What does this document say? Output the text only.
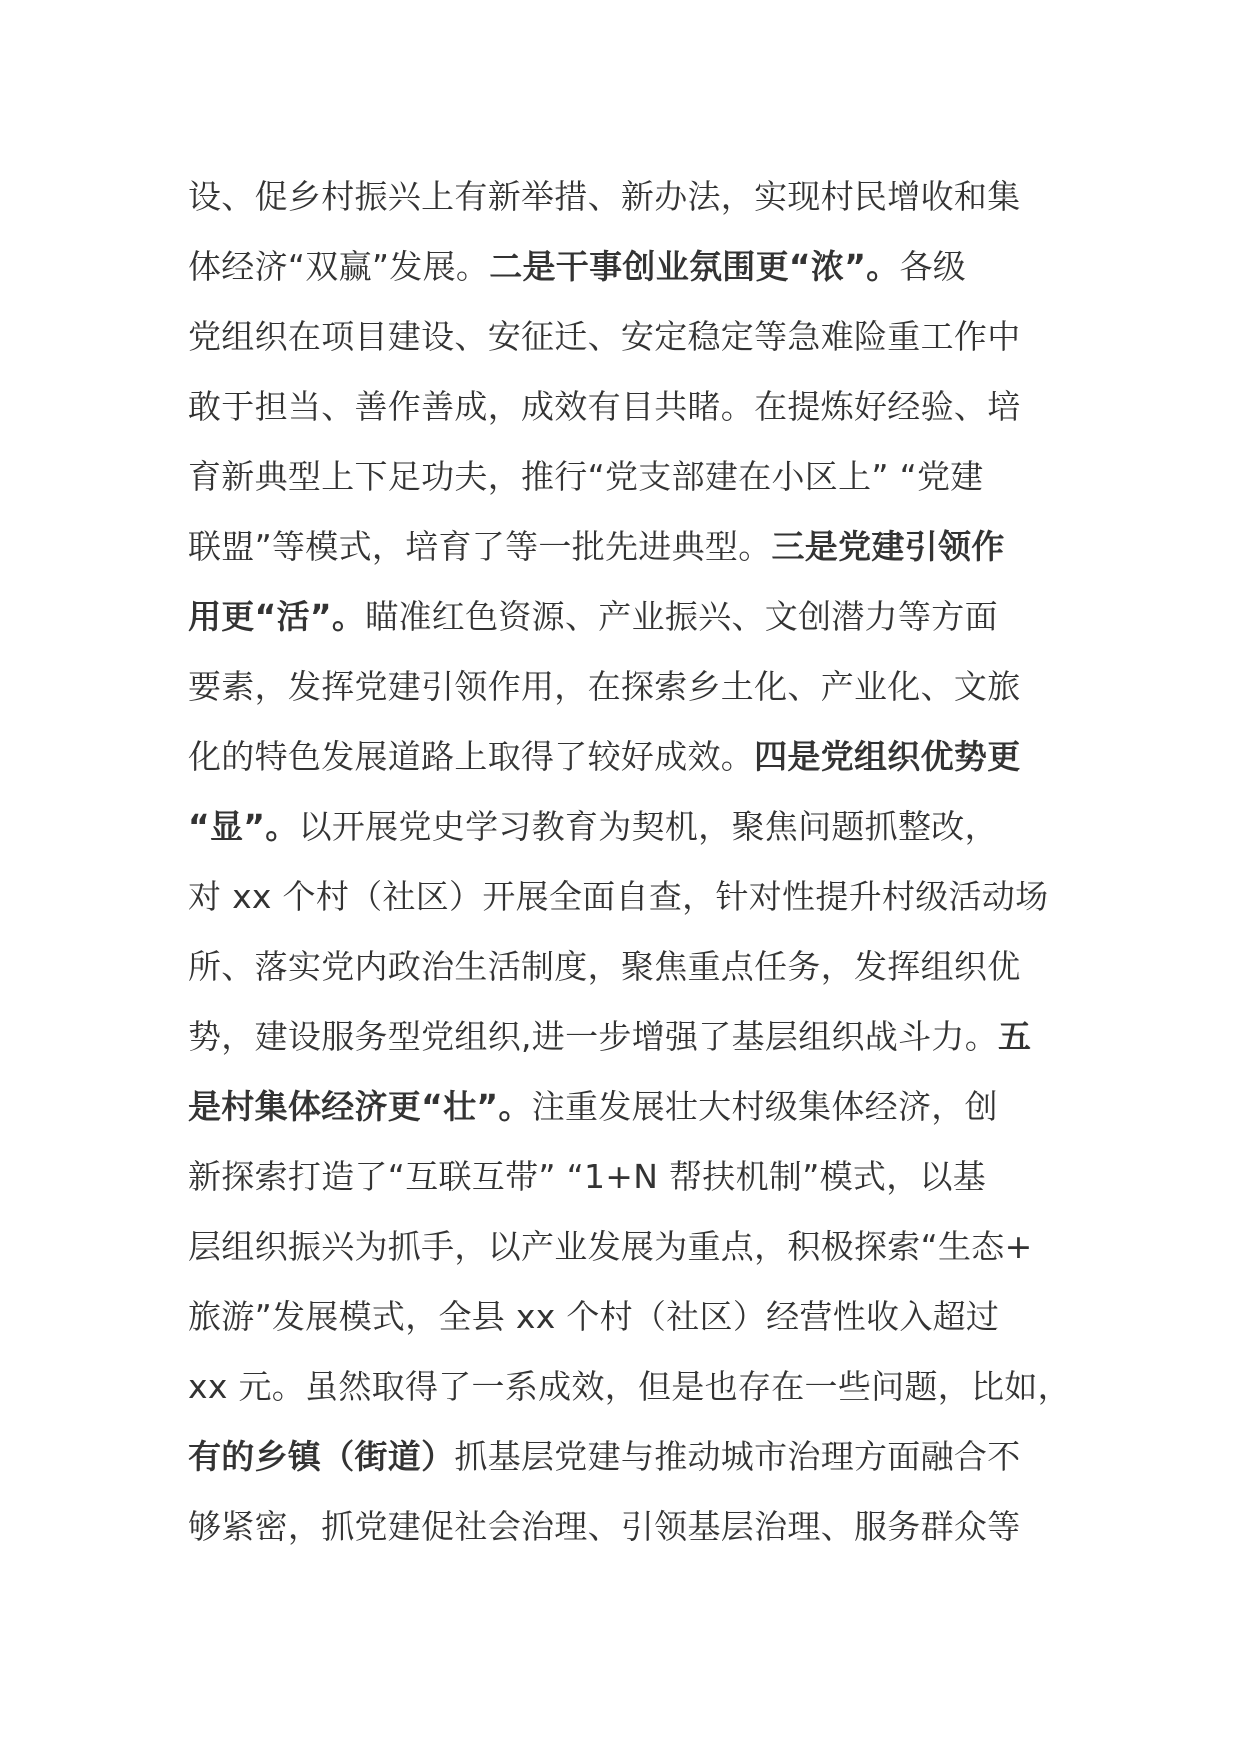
设、促乡村振兴上有新举措、新办法，实现村民增收和集
体经济“双赢”发展。二是干事创业氛围更“浓”。各级
党组织在项目建设、安征迁、安定稳定等急难险重工作中
敢于担当、善作善成，成效有目共睹。在提炼好经验、培
育新典型上下足功夫，推行“党支部建在小区上” “党建
联盟”等模式，培育了等一批先进典型。三是党建引领作
用更“活”。瞄准红色资源、产业振兴、文创潜力等方面
要素，发挥党建引领作用，在探索乡土化、产业化、文旅
化的特色发展道路上取得了较好成效。四是党组织优势更
“显”。以开展党史学习教育为契机，聚焦问题抓整改，
对 xx 个村（社区）开展全面自查，针对性提升村级活动场
所、落实党内政治生活制度，聚焦重点任务，发挥组织优
势，建设服务型党组织,进一步增强了基层组织战斗力。五
是村集体经济更“壮”。注重发展壮大村级集体经济，创
新探索打造了“互联互带” “1+N 帮扶机制”模式，以基
层组织振兴为抓手，以产业发展为重点，积极探索“生态+
旅游”发展模式，全县 xx 个村（社区）经营性收入超过
xx 元。虽然取得了一系成效，但是也存在一些问题，比如，
有的乡镇（街道）抓基层党建与推动城市治理方面融合不
够紧密，抓党建促社会治理、引领基层治理、服务群众等
